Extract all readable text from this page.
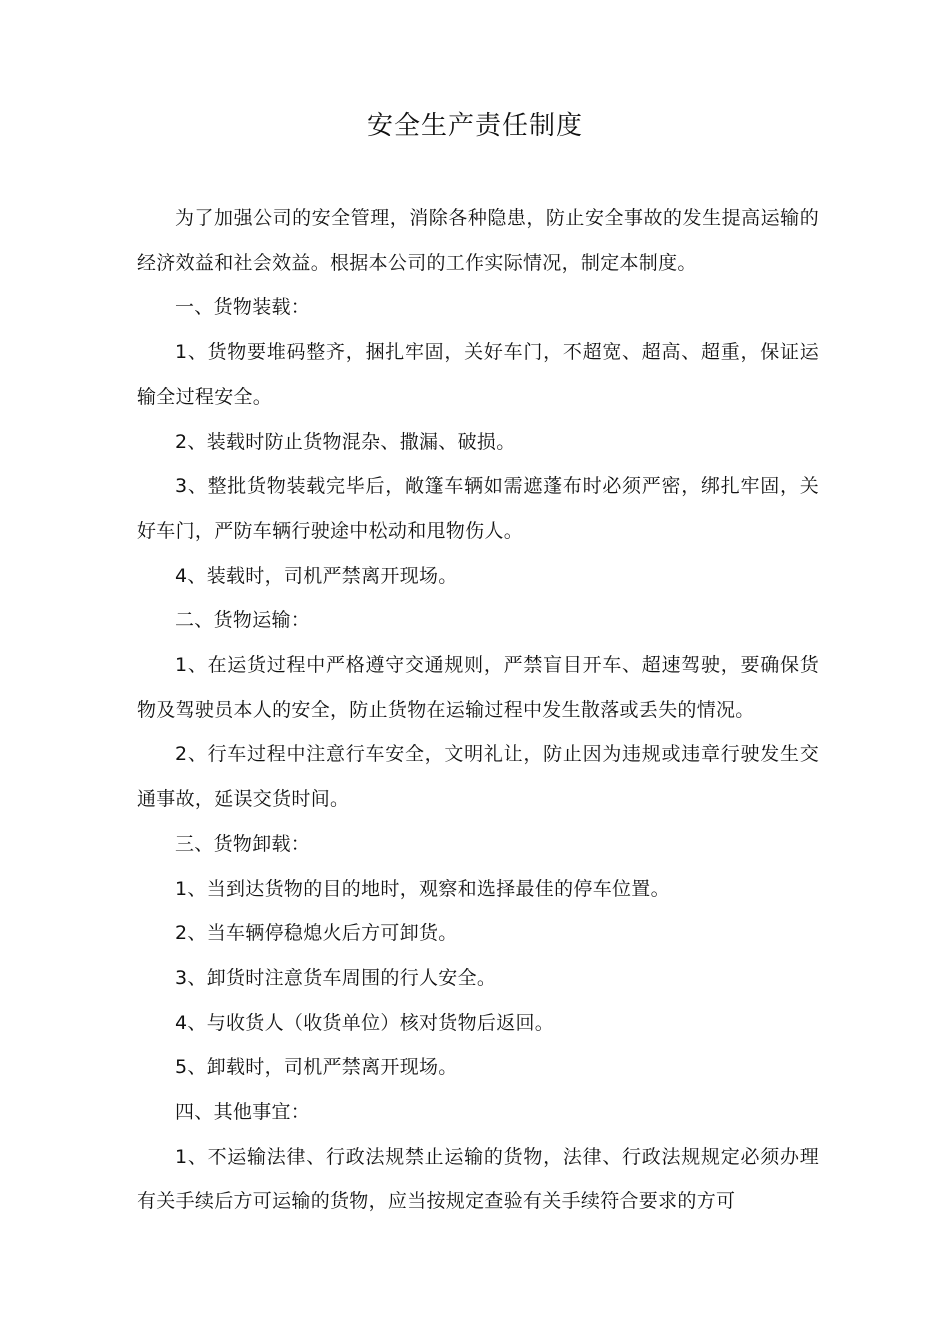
安全生产责任制度

为了加强公司的安全管理，消除各种隐患，防止安全事故的发生提高运输的经济效益和社会效益。根据本公司的工作实际情况，制定本制度。

一、货物装载：

1、货物要堆码整齐，捆扎牢固，关好车门，不超宽、超高、超重，保证运输全过程安全。

2、装载时防止货物混杂、撒漏、破损。

3、整批货物装载完毕后，敞篷车辆如需遮蓬布时必须严密，绑扎牢固，关好车门，严防车辆行驶途中松动和甩物伤人。

4、装载时，司机严禁离开现场。

二、货物运输：

1、在运货过程中严格遵守交通规则，严禁盲目开车、超速驾驶，要确保货物及驾驶员本人的安全，防止货物在运输过程中发生散落或丢失的情况。

2、行车过程中注意行车安全，文明礼让，防止因为违规或违章行驶发生交通事故，延误交货时间。

三、货物卸载：

1、当到达货物的目的地时，观察和选择最佳的停车位置。

2、当车辆停稳熄火后方可卸货。

3、卸货时注意货车周围的行人安全。

4、与收货人（收货单位）核对货物后返回。

5、卸载时，司机严禁离开现场。

四、其他事宜：

1、不运输法律、行政法规禁止运输的货物，法律、行政法规规定必须办理有关手续后方可运输的货物，应当按规定查验有关手续符合要求的方可
